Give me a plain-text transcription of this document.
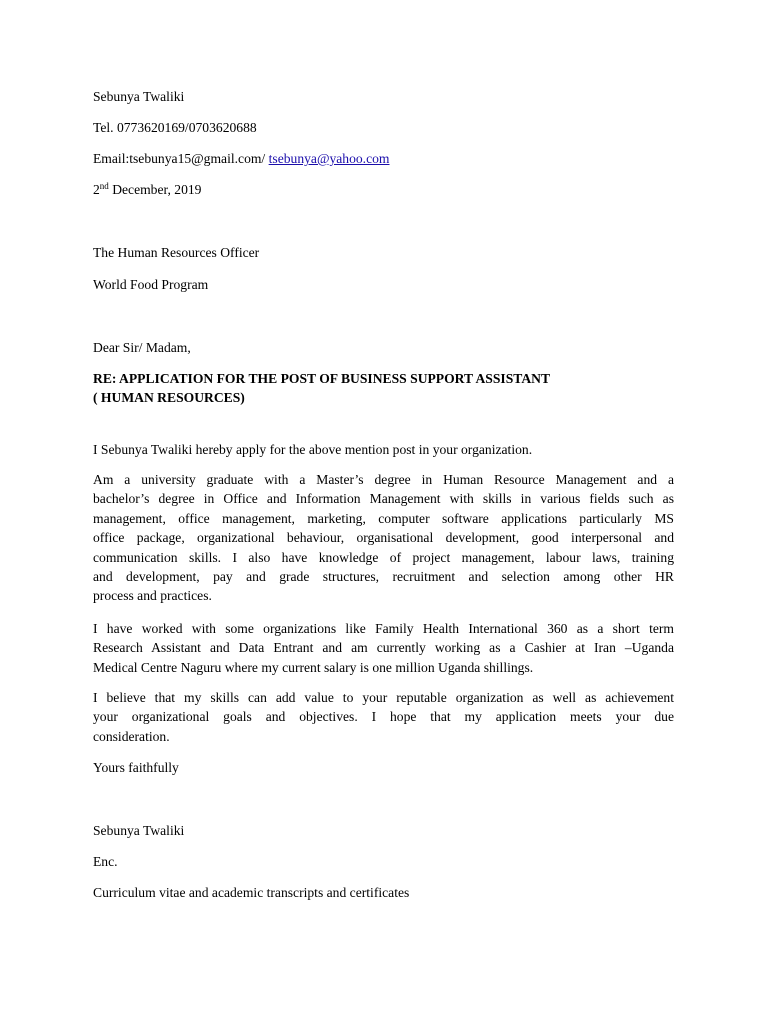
Sebunya Twaliki
Tel. 0773620169/0703620688
Email:tsebunya15@gmail.com/ tsebunya@yahoo.com
2nd December, 2019
The Human Resources Officer
World Food Program
Dear Sir/ Madam,
RE: APPLICATION FOR THE POST OF BUSINESS SUPPORT ASSISTANT
( HUMAN RESOURCES)
I Sebunya Twaliki hereby apply for the above mention post in your organization.
Am a university graduate with a Master’s degree in Human Resource Management and a
bachelor’s degree in Office and Information Management with skills in various fields such as
management, office management, marketing, computer software applications particularly MS
office package, organizational behaviour, organisational development, good interpersonal and
communication skills. I also have knowledge of project management, labour laws, training
and development, pay and grade structures, recruitment and selection among other HR
process and practices.
I have worked with some organizations like Family Health International 360 as a short term
Research Assistant and Data Entrant and am currently working as a Cashier at Iran –Uganda
Medical Centre Naguru where my current salary is one million Uganda shillings.
I believe that my skills can add value to your reputable organization as well as achievement
your organizational goals and objectives. I hope that my application meets your due
consideration.
Yours faithfully
Sebunya Twaliki
Enc.
Curriculum vitae and academic transcripts and certificates
